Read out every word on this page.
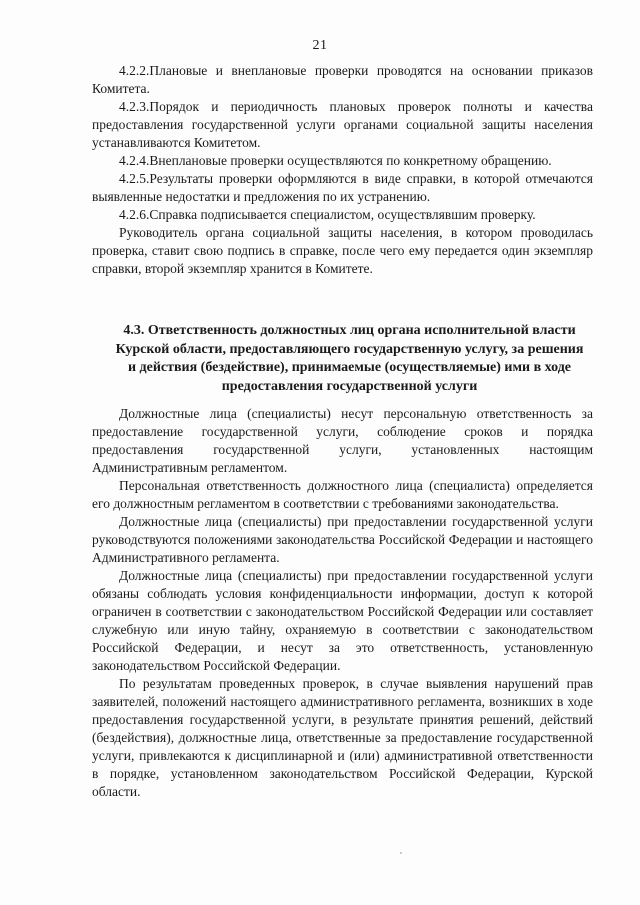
21

4.2.2.Плановые и внеплановые проверки проводятся на основании приказов Комитета.

4.2.3.Порядок и периодичность плановых проверок полноты и качества предоставления государственной услуги органами социальной защиты населения устанавливаются Комитетом.

4.2.4.Внеплановые проверки осуществляются по конкретному обращению.

4.2.5.Результаты проверки оформляются в виде справки, в которой отмечаются выявленные недостатки и предложения по их устранению.

4.2.6.Справка подписывается специалистом, осуществлявшим проверку.

Руководитель органа социальной защиты населения, в котором проводилась проверка, ставит свою подпись в справке, после чего ему передается один экземпляр справки, второй экземпляр хранится в Комитете.

4.3. Ответственность должностных лиц органа исполнительной власти Курской области, предоставляющего государственную услугу, за решения и действия (бездействие), принимаемые (осуществляемые) ими в ходе предоставления государственной услуги

Должностные лица (специалисты) несут персональную ответственность за предоставление государственной услуги, соблюдение сроков и порядка предоставления государственной услуги, установленных настоящим Административным регламентом.

Персональная ответственность должностного лица (специалиста) определяется его должностным регламентом в соответствии с требованиями законодательства.

Должностные лица (специалисты) при предоставлении государственной услуги руководствуются положениями законодательства Российской Федерации и настоящего Административного регламента.

Должностные лица (специалисты) при предоставлении государственной услуги обязаны соблюдать условия конфиденциальности информации, доступ к которой ограничен в соответствии с законодательством Российской Федерации или составляет служебную или иную тайну, охраняемую в соответствии с законодательством Российской Федерации, и несут за это ответственность, установленную законодательством Российской Федерации.

По результатам проведенных проверок, в случае выявления нарушений прав заявителей, положений настоящего административного регламента, возникших в ходе предоставления государственной услуги, в результате принятия решений, действий (бездействия), должностные лица, ответственные за предоставление государственной услуги, привлекаются к дисциплинарной и (или) административной ответственности в порядке, установленном законодательством Российской Федерации, Курской области.
